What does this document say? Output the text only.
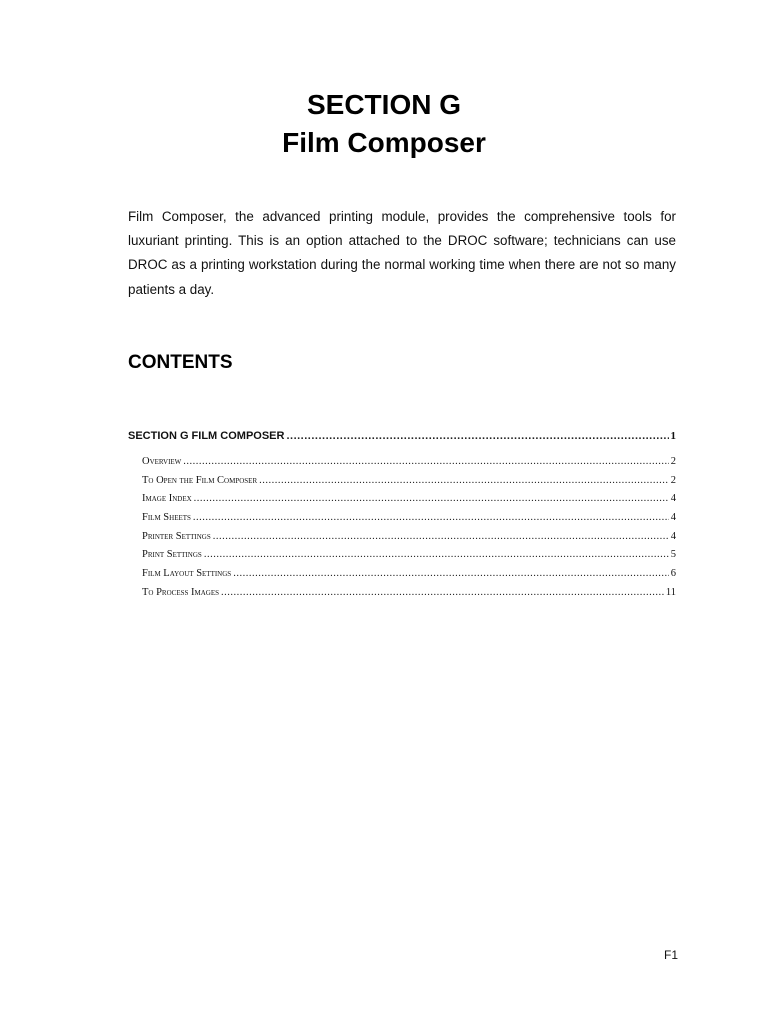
SECTION G
Film Composer
Film Composer, the advanced printing module, provides the comprehensive tools for luxuriant printing. This is an option attached to the DROC software; technicians can use DROC as a printing workstation during the normal working time when there are not so many patients a day.
CONTENTS
SECTION G FILM COMPOSER .....	1
Overview .....	2
To Open the Film Composer .....	2
Image Index .....	4
Film Sheets .....	4
Printer Settings .....	4
Print Settings .....	5
Film Layout Settings .....	6
To Process Images .....	11
F1
